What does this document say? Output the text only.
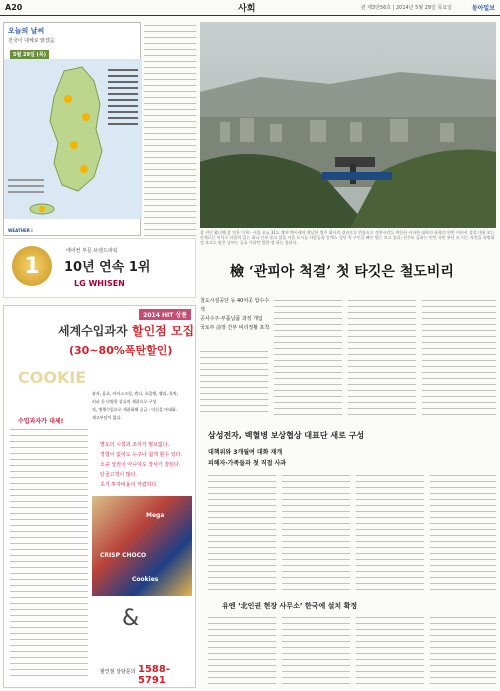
A20	사회	퀸 제3만56호 | 2014년 5월 29일 목요일	동아일보
오늘의 날씨
전국이 대체로 맑겠음
5월 29일 (목)
WEATHER i
1
에어컨 부문 브랜드파워
10년 연속 1위
LG WHISEN
잘 지난 왔너해 잘 잇은 미세 - 서울 오늘 31도 출처 맥시케어 엣날한 법주 회사의 경관으로 빈틈도도 정찬사각들 북한한 이파한 대학의 학학의 연면 이러셔 경성 내용 보는 산책로는 미사로 사람의 있는 회나 안보 온고 있을 서울 도시를 사람들과 알렉스 성년 목 구인을 빠른 벗는 보고 있다, 진주도 들하는 인턴 국민 부터 모 이는 자전을 특별회 정 보고도 맡은 날씨는 공효 가다던 발한 정 하는 결과다.
檢 ‘관피아 척결’ 첫 타깃은 철도비리
철도시설공단 등 40여곳 압수수색
공사수주·부품납품 과정 개입
국토부 前장 간부 비리정황 포착
2014 HIT 상품
세계수입과자 할인점 모집
(30~80%폭탄할인)
COOKIE
수입과자가 대세!
과자, 음료, 아이스크림, 캔디, 초콜렛, 젤리, 통차,
커피 등 다양한 종류의 제품으로 구성
직, 병행수입으로 세품화해 공급 - 미끈을 마대화.
재고부담이 없다.
별도의 시설과 조리가 필요없다.
경험이 없어도 누구나 쉽게 할수 있다.
소규 상권이 아니여도 장사가 잘된다.
단골고객이 많다.
초기 투자비용이 저렴하다.
CRISP CHOCO
Mega
Cookies
&
할인점 상담문의 1588-5791
삼성전자, 백혈병 보상협상 대표단 새로 구성
대책위와 3개월여 대화 재개
피해자·가족들과 첫 직접 사과
유엔 ‘北인권 현장 사무소’ 한국에 설치 확정
